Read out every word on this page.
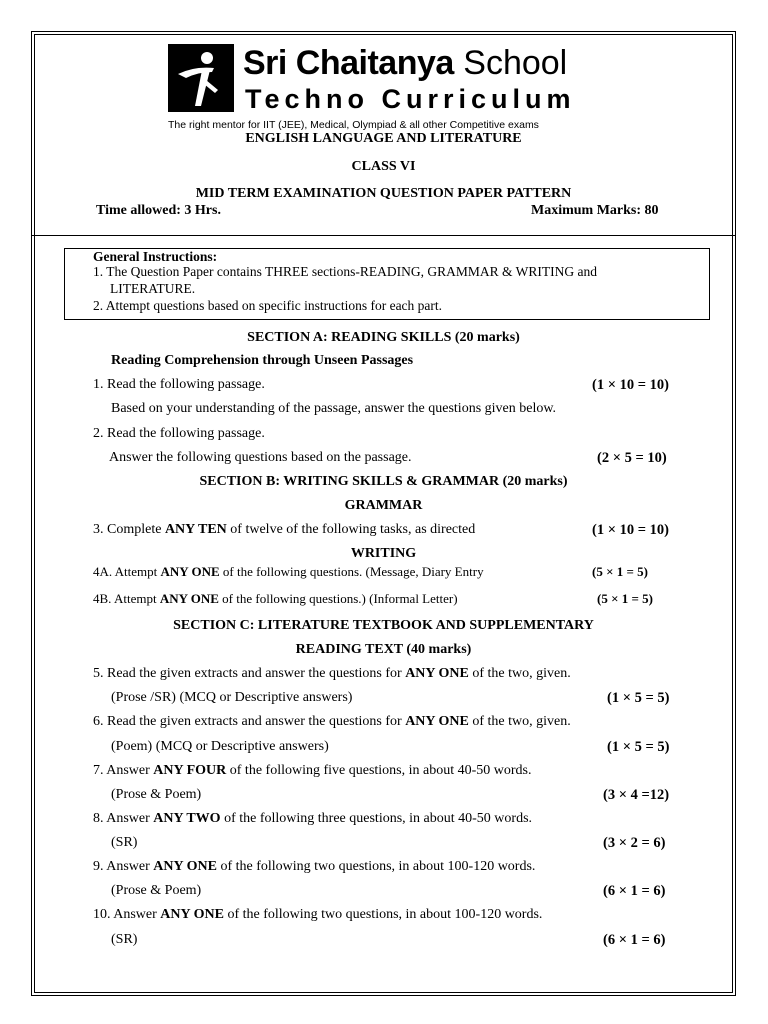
Sri Chaitanya School
Techno Curriculum
The right mentor for IIT (JEE), Medical, Olympiad & all other Competitive exams
ENGLISH LANGUAGE AND LITERATURE
CLASS VI
MID TERM EXAMINATION QUESTION PAPER PATTERN
Time allowed: 3 Hrs.	Maximum Marks: 80
General Instructions:
1. The Question Paper contains THREE sections-READING, GRAMMAR & WRITING and
LITERATURE.
2. Attempt questions based on specific instructions for each part.
SECTION A: READING SKILLS (20 marks)
Reading Comprehension through Unseen Passages
1. Read the following passage.	(1 × 10 = 10)
Based on your understanding of the passage, answer the questions given below.
2. Read the following passage.
Answer the following questions based on the passage.	(2 × 5 = 10)
SECTION B: WRITING SKILLS & GRAMMAR (20 marks)
GRAMMAR
3. Complete ANY TEN of twelve of the following tasks, as directed	(1 × 10 = 10)
WRITING
4A. Attempt ANY ONE of the following questions. (Message, Diary Entry	(5 × 1 = 5)
4B. Attempt ANY ONE of the following questions.) (Informal Letter)	(5 × 1 = 5)
SECTION C: LITERATURE TEXTBOOK AND SUPPLEMENTARY
READING TEXT (40 marks)
5. Read the given extracts and answer the questions for ANY ONE of the two, given.
(Prose /SR) (MCQ or Descriptive answers)	(1 × 5 = 5)
6. Read the given extracts and answer the questions for ANY ONE of the two, given.
(Poem) (MCQ or Descriptive answers)	(1 × 5 = 5)
7. Answer ANY FOUR of the following five questions, in about 40-50 words.
(Prose & Poem)	(3 × 4 =12)
8. Answer ANY TWO of the following three questions, in about 40-50 words.
(SR)	(3 × 2 = 6)
9. Answer ANY ONE of the following two questions, in about 100-120 words.
(Prose & Poem)	(6 × 1 = 6)
10. Answer ANY ONE of the following two questions, in about 100-120 words.
(SR)	(6 × 1 = 6)
